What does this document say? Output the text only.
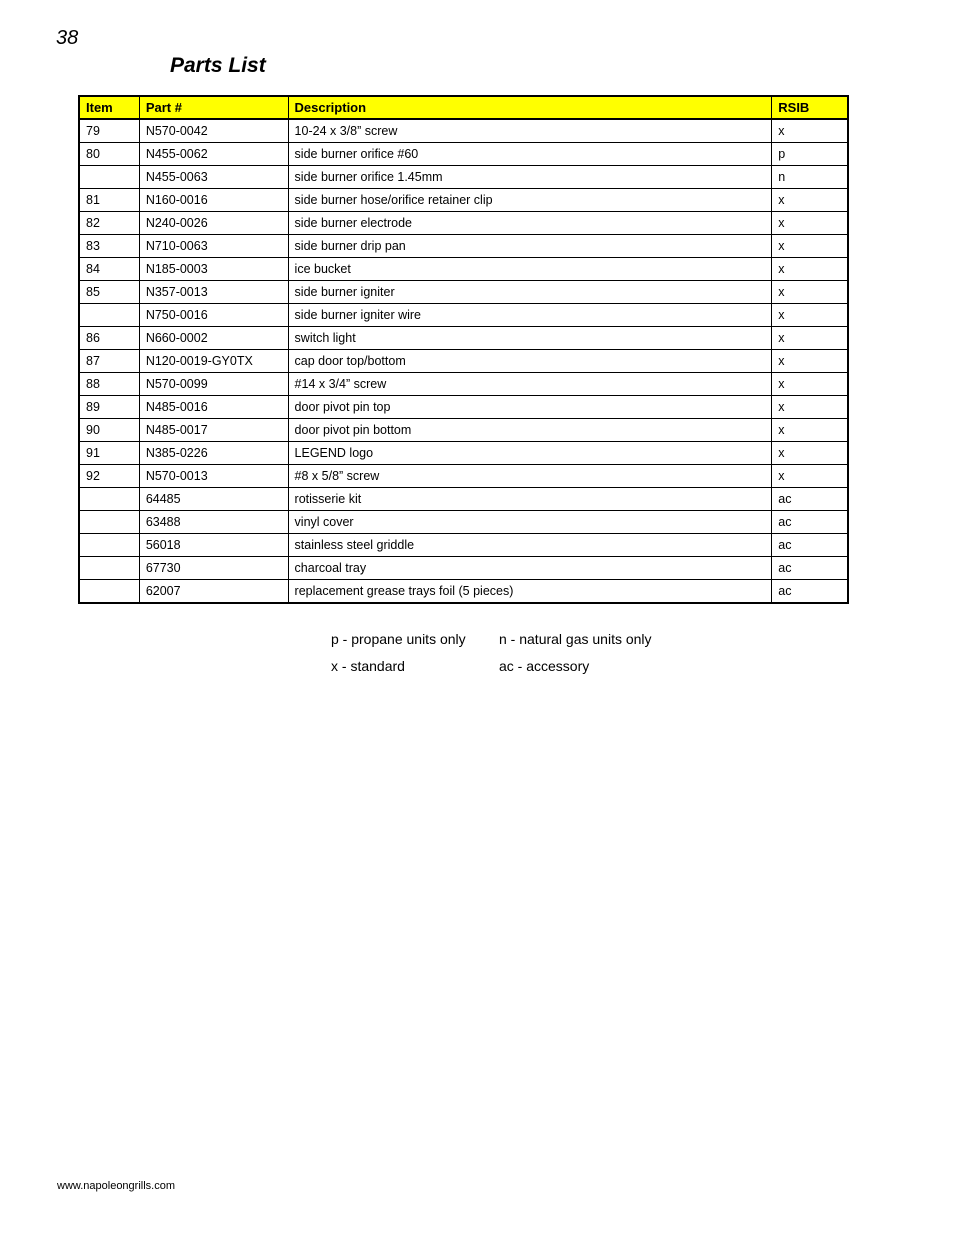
38
Parts List
Item	Part #	Description	RSIB
79	N570-0042	10-24 x 3/8” screw	x
80	N455-0062	side burner orifice #60	p
	N455-0063	side burner orifice 1.45mm	n
81	N160-0016	side burner hose/orifice retainer clip	x
82	N240-0026	side burner electrode	x
83	N710-0063	side burner drip pan	x
84	N185-0003	ice bucket	x
85	N357-0013	side burner igniter	x
	N750-0016	side burner igniter wire	x
86	N660-0002	switch light	x
87	N120-0019-GY0TX	cap door top/bottom	x
88	N570-0099	#14 x 3/4” screw	x
89	N485-0016	door pivot pin top	x
90	N485-0017	door pivot pin bottom	x
91	N385-0226	LEGEND logo	x
92	N570-0013	#8 x 5/8” screw	x
	64485	rotisserie kit	ac
	63488	vinyl cover	ac
	56018	stainless steel griddle	ac
	67730	charcoal tray	ac
	62007	replacement grease trays foil (5 pieces)	ac
p - propane units only	n - natural gas units only
x - standard	ac - accessory
www.napoleongrills.com
